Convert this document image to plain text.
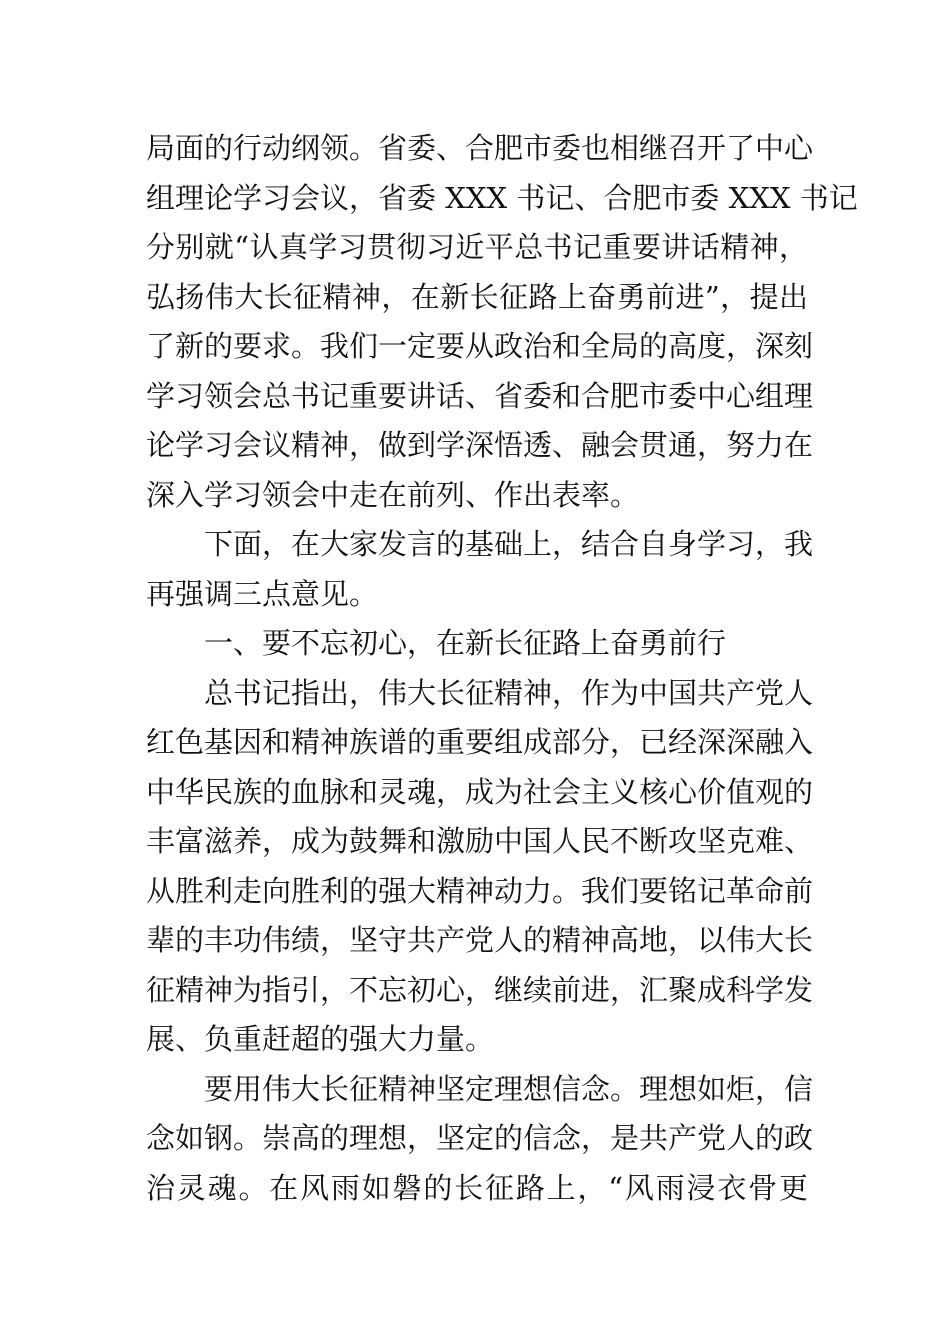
局面的行动纲领。省委、合肥市委也相继召开了中心
组理论学习会议，省委 XXX 书记、合肥市委 XXX 书记
分别就“认真学习贯彻习近平总书记重要讲话精神，
弘扬伟大长征精神，在新长征路上奋勇前进”，提出
了新的要求。我们一定要从政治和全局的高度，深刻
学习领会总书记重要讲话、省委和合肥市委中心组理
论学习会议精神，做到学深悟透、融会贯通，努力在
深入学习领会中走在前列、作出表率。
下面，在大家发言的基础上，结合自身学习，我
再强调三点意见。
一、要不忘初心，在新长征路上奋勇前行
总书记指出，伟大长征精神，作为中国共产党人
红色基因和精神族谱的重要组成部分，已经深深融入
中华民族的血脉和灵魂，成为社会主义核心价值观的
丰富滋养，成为鼓舞和激励中国人民不断攻坚克难、
从胜利走向胜利的强大精神动力。我们要铭记革命前
辈的丰功伟绩，坚守共产党人的精神高地，以伟大长
征精神为指引，不忘初心，继续前进，汇聚成科学发
展、负重赶超的强大力量。
要用伟大长征精神坚定理想信念。理想如炬，信
念如钢。崇高的理想，坚定的信念，是共产党人的政
治灵魂。在风雨如磐的长征路上，“风雨浸衣骨更
